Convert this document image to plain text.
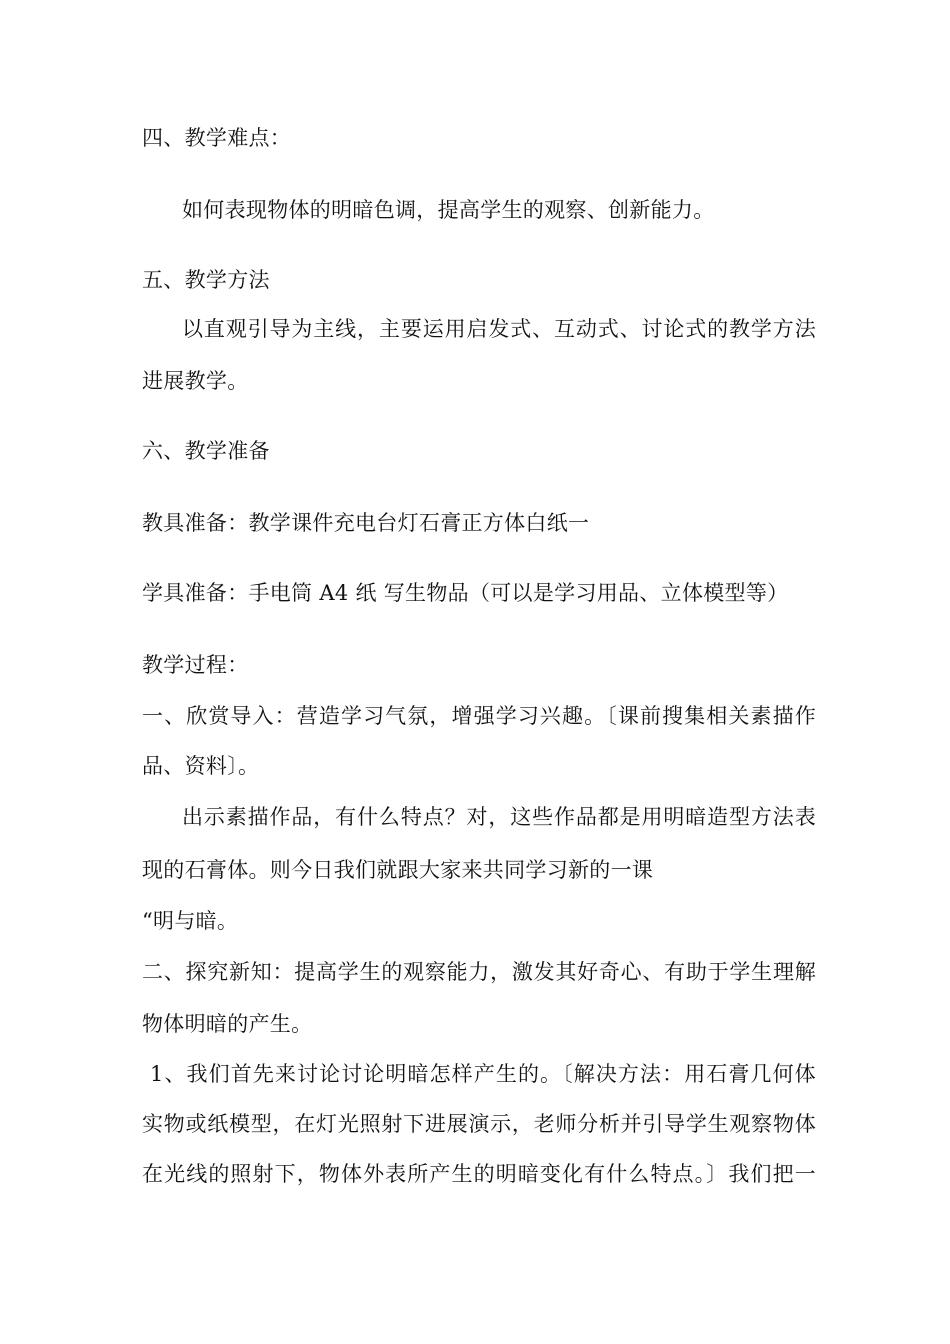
四、教学难点：
如何表现物体的明暗色调，提高学生的观察、创新能力。
五、教学方法
以直观引导为主线，主要运用启发式、互动式、讨论式的教学方法
进展教学。
六、教学准备
教具准备：教学课件充电台灯石膏正方体白纸一
学具准备：手电筒 A4 纸 写生物品（可以是学习用品、立体模型等）
教学过程：
一、欣赏导入：营造学习气氛，增强学习兴趣。〔课前搜集相关素描作
品、资料〕。
出示素描作品，有什么特点？对，这些作品都是用明暗造型方法表
现的石膏体。则今日我们就跟大家来共同学习新的一课
“明与暗。
二、探究新知：提高学生的观察能力，激发其好奇心、有助于学生理解
物体明暗的产生。
1、我们首先来讨论讨论明暗怎样产生的。〔解决方法：用石膏几何体
实物或纸模型，在灯光照射下进展演示，老师分析并引导学生观察物体
在光线的照射下，物体外表所产生的明暗变化有什么特点。〕我们把一
